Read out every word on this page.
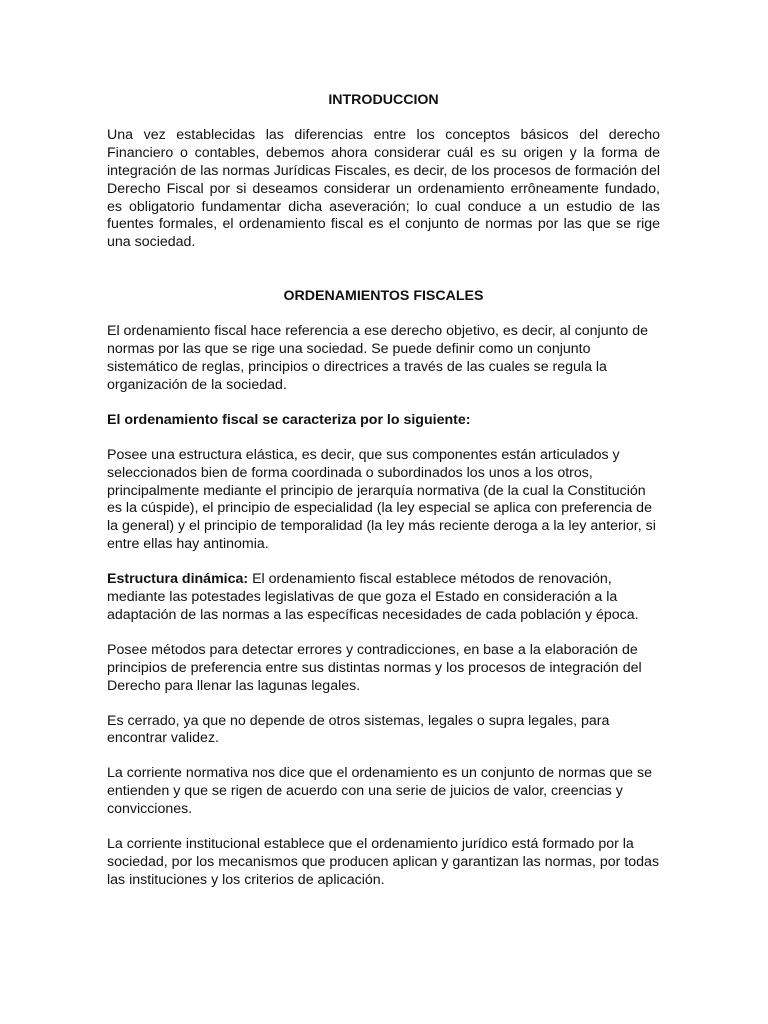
INTRODUCCION

Una vez establecidas las diferencias entre los conceptos básicos del derecho Financiero o contables, debemos ahora considerar cuál es su origen y la forma de integración de las normas Jurídicas Fiscales, es decir, de los procesos de formación del Derecho Fiscal por si deseamos considerar un ordenamiento errôneamente fundado, es obligatorio fundamentar dicha aseveración; lo cual conduce a un estudio de las fuentes formales, el ordenamiento fiscal es el conjunto de normas por las que se rige una sociedad.

ORDENAMIENTOS FISCALES

El ordenamiento fiscal hace referencia a ese derecho objetivo, es decir, al conjunto de normas por las que se rige una sociedad. Se puede definir como un conjunto sistemático de reglas, principios o directrices a través de las cuales se regula la organización de la sociedad.

El ordenamiento fiscal se caracteriza por lo siguiente:

Posee una estructura elástica, es decir, que sus componentes están articulados y seleccionados bien de forma coordinada o subordinados los unos a los otros, principalmente mediante el principio de jerarquía normativa (de la cual la Constitución es la cúspide), el principio de especialidad (la ley especial se aplica con preferencia de la general) y el principio de temporalidad (la ley más reciente deroga a la ley anterior, si entre ellas hay antinomia.

Estructura dinámica: El ordenamiento fiscal establece métodos de renovación, mediante las potestades legislativas de que goza el Estado en consideración a la adaptación de las normas a las específicas necesidades de cada población y época.

Posee métodos para detectar errores y contradicciones, en base a la elaboración de principios de preferencia entre sus distintas normas y los procesos de integración del Derecho para llenar las lagunas legales.

Es cerrado, ya que no depende de otros sistemas, legales o supra legales, para encontrar validez.

La corriente normativa nos dice que el ordenamiento es un conjunto de normas que se entienden y que se rigen de acuerdo con una serie de juicios de valor, creencias y convicciones.

La corriente institucional establece que el ordenamiento jurídico está formado por la sociedad, por los mecanismos que producen aplican y garantizan las normas, por todas las instituciones y los criterios de aplicación.
